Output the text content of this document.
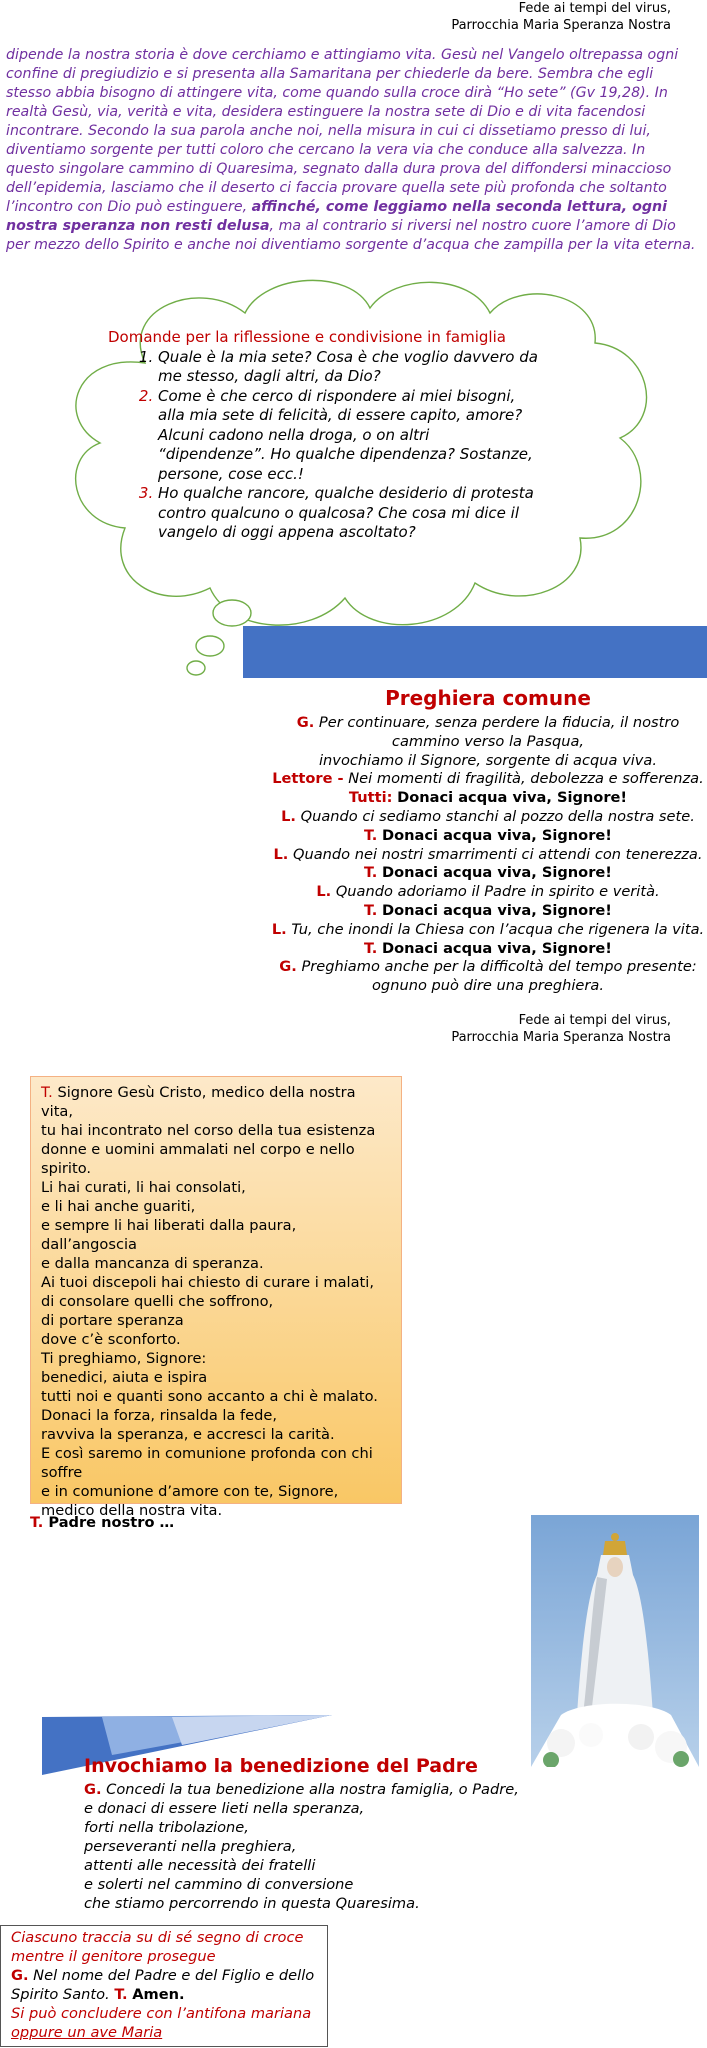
Fede ai tempi del virus,
Parrocchia Maria Speranza Nostra
dipende la nostra storia è dove cerchiamo e attingiamo vita. Gesù nel Vangelo oltrepassa ogni confine di pregiudizio e si presenta alla Samaritana per chiederle da bere. Sembra che egli stesso abbia bisogno di attingere vita, come quando sulla croce dirà “Ho sete” (Gv 19,28). In realtà Gesù, via, verità e vita, desidera estinguere la nostra sete di Dio e di vita facendosi incontrare. Secondo la sua parola anche noi, nella misura in cui ci dissetiamo presso di lui, diventiamo sorgente per tutti coloro che cercano la vera via che conduce alla salvezza. In questo singolare cammino di Quaresima, segnato dalla dura prova del diffondersi minaccioso dell’epidemia, lasciamo che il deserto ci faccia provare quella sete più profonda che soltanto l’incontro con Dio può estinguere, affinché, come leggiamo nella seconda lettura, ogni nostra speranza non resti delusa, ma al contrario si riversi nel nostro cuore l’amore di Dio per mezzo dello Spirito e anche noi diventiamo sorgente d’acqua che zampilla per la vita eterna.
Domande per la riflessione e condivisione in famiglia
1. Quale è la mia sete? Cosa è che voglio davvero da me stesso, dagli altri, da Dio?
2. Come è che cerco di rispondere ai miei bisogni, alla mia sete di felicità, di essere capito, amore? Alcuni cadono nella droga, o on altri “dipendenze”. Ho qualche dipendenza? Sostanze, persone, cose ecc.!
3. Ho qualche rancore, qualche desiderio di protesta contro qualcuno o qualcosa? Che cosa mi dice il vangelo di oggi appena ascoltato?
Preghiera comune
G. Per continuare, senza perdere la fiducia, il nostro
cammino verso la Pasqua,
invochiamo il Signore, sorgente di acqua viva.
Lettore - Nei momenti di fragilità, debolezza e sofferenza.
Tutti: Donaci acqua viva, Signore!
L. Quando ci sediamo stanchi al pozzo della nostra sete.
T. Donaci acqua viva, Signore!
L. Quando nei nostri smarrimenti ci attendi con tenerezza.
T. Donaci acqua viva, Signore!
L. Quando adoriamo il Padre in spirito e verità.
T. Donaci acqua viva, Signore!
L. Tu, che inondi la Chiesa con l’acqua che rigenera la vita.
T. Donaci acqua viva, Signore!
G. Preghiamo anche per la difficoltà del tempo presente:
ognuno può dire una preghiera.
Fede ai tempi del virus,
Parrocchia Maria Speranza Nostra
T. Signore Gesù Cristo, medico della nostra vita,
tu hai incontrato nel corso della tua esistenza
donne e uomini ammalati nel corpo e nello
spirito.
Li hai curati, li hai consolati,
e li hai anche guariti,
e sempre li hai liberati dalla paura, dall’angoscia
e dalla mancanza di speranza.
Ai tuoi discepoli hai chiesto di curare i malati,
di consolare quelli che soffrono,
di portare speranza
dove c’è sconforto.
Ti preghiamo, Signore:
benedici, aiuta e ispira
tutti noi e quanti sono accanto a chi è malato.
Donaci la forza, rinsalda la fede,
ravviva la speranza, e accresci la carità.
E così saremo in comunione profonda con chi
soffre
e in comunione d’amore con te, Signore,
medico della nostra vita.
T. Padre nostro …
Invochiamo la benedizione del Padre
G. Concedi la tua benedizione alla nostra famiglia, o Padre,
e donaci di essere lieti nella speranza,
forti nella tribolazione,
perseveranti nella preghiera,
attenti alle necessità dei fratelli
e solerti nel cammino di conversione
che stiamo percorrendo in questa Quaresima.
Ciascuno traccia su di sé segno di croce
mentre il genitore prosegue
G. Nel nome del Padre e del Figlio e dello
Spirito Santo. T. Amen.
Si può concludere con l’antifona mariana
oppure un ave Maria
